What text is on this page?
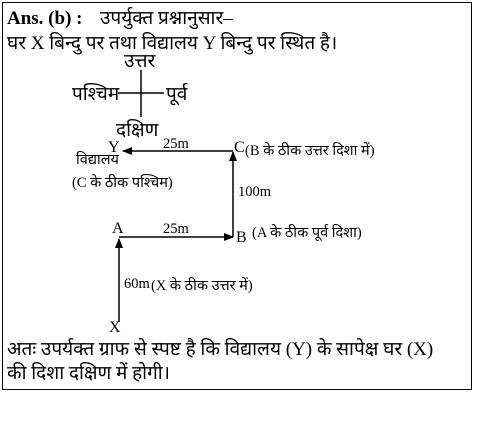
Ans. (b) : उपर्युक्त प्रश्नानुसार–
घर X बिन्दु पर तथा विद्यालय Y बिन्दु पर स्थित है।
उत्तर
दक्षिण
पश्चिम पूर्व
X
A
B
C
Y
विद्यालय
(C के ठीक पश्चिम)
(B के ठीक उत्तर दिशा में)
(A के ठीक पूर्व दिशा)
(X के ठीक उत्तर में)
25m
100m
25m
60m
अतः उपर्यक्त ग्राफ से स्पष्ट है कि विद्यालय (Y) के सापेक्ष घर (X)
की दिशा दक्षिण में होगी।
